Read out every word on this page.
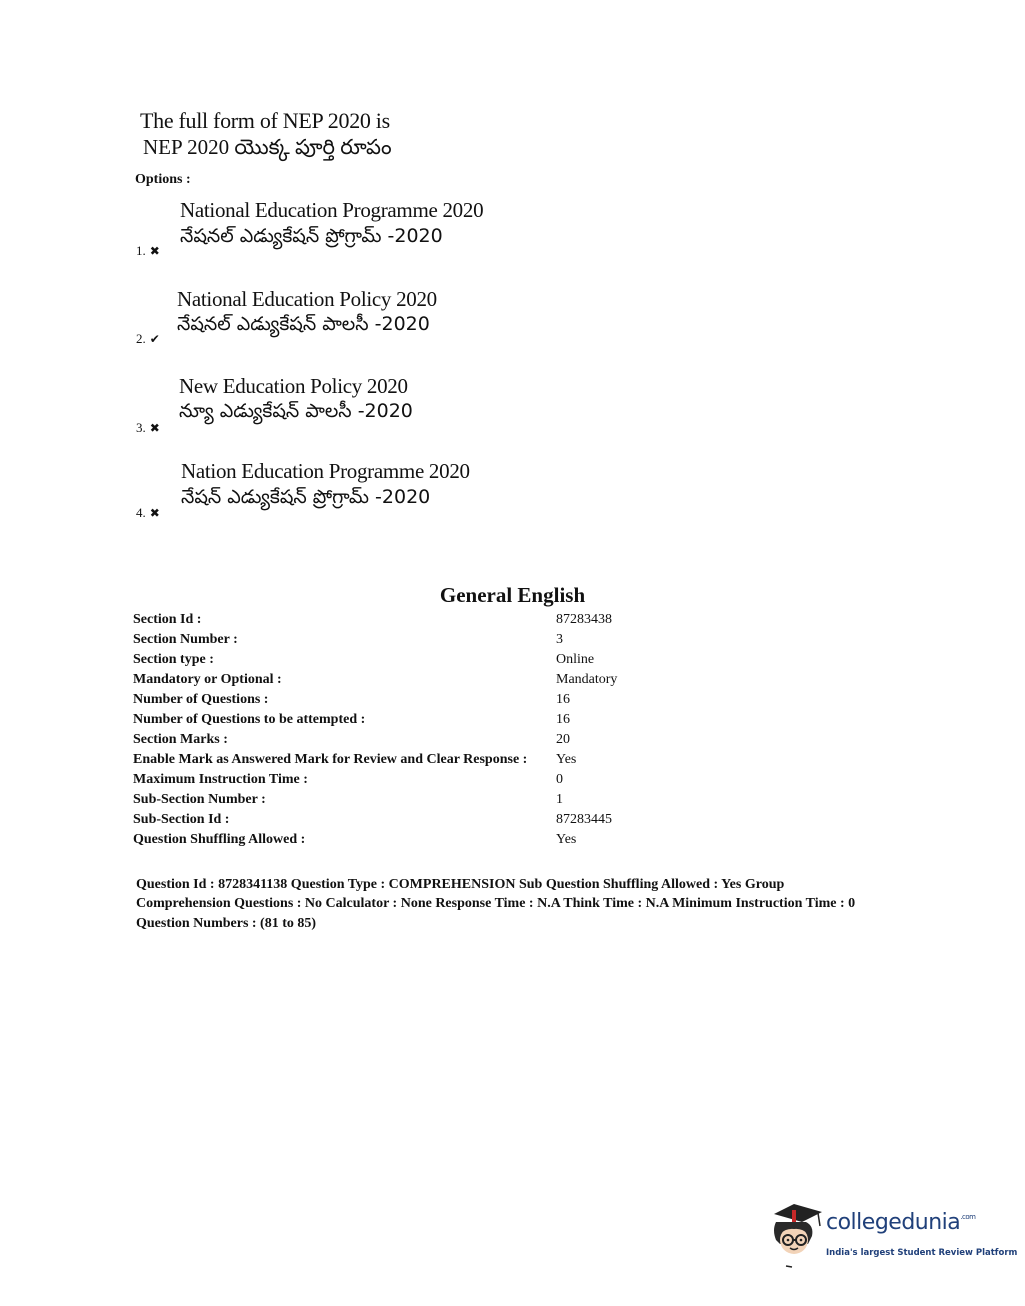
The full form of NEP 2020 is
NEP 2020 యొక్క పూర్తి రూపం
Options :
National Education Programme 2020
నేషనల్ ఎడ్యుకేషన్ ప్రోగ్రామ్ -2020
1. ✖
National Education Policy 2020
నేషనల్ ఎడ్యుకేషన్ పాలసీ -2020
2. ✔
New Education Policy 2020
న్యూ ఎడ్యుకేషన్ పాలసీ -2020
3. ✖
Nation Education Programme 2020
నేషన్ ఎడ్యుకేషన్ ప్రోగ్రామ్ -2020
4. ✖
General English
Section Id :	87283438
Section Number :	3
Section type :	Online
Mandatory or Optional :	Mandatory
Number of Questions :	16
Number of Questions to be attempted :	16
Section Marks :	20
Enable Mark as Answered Mark for Review and Clear Response : Yes
Maximum Instruction Time :	0
Sub-Section Number :	1
Sub-Section Id :	87283445
Question Shuffling Allowed :	Yes
Question Id : 8728341138 Question Type : COMPREHENSION Sub Question Shuffling Allowed : Yes Group
Comprehension Questions : No Calculator : None Response Time : N.A Think Time : N.A Minimum Instruction Time : 0
Question Numbers : (81 to 85)
collegedunia$^{.com}$
India's largest Student Review Platform
